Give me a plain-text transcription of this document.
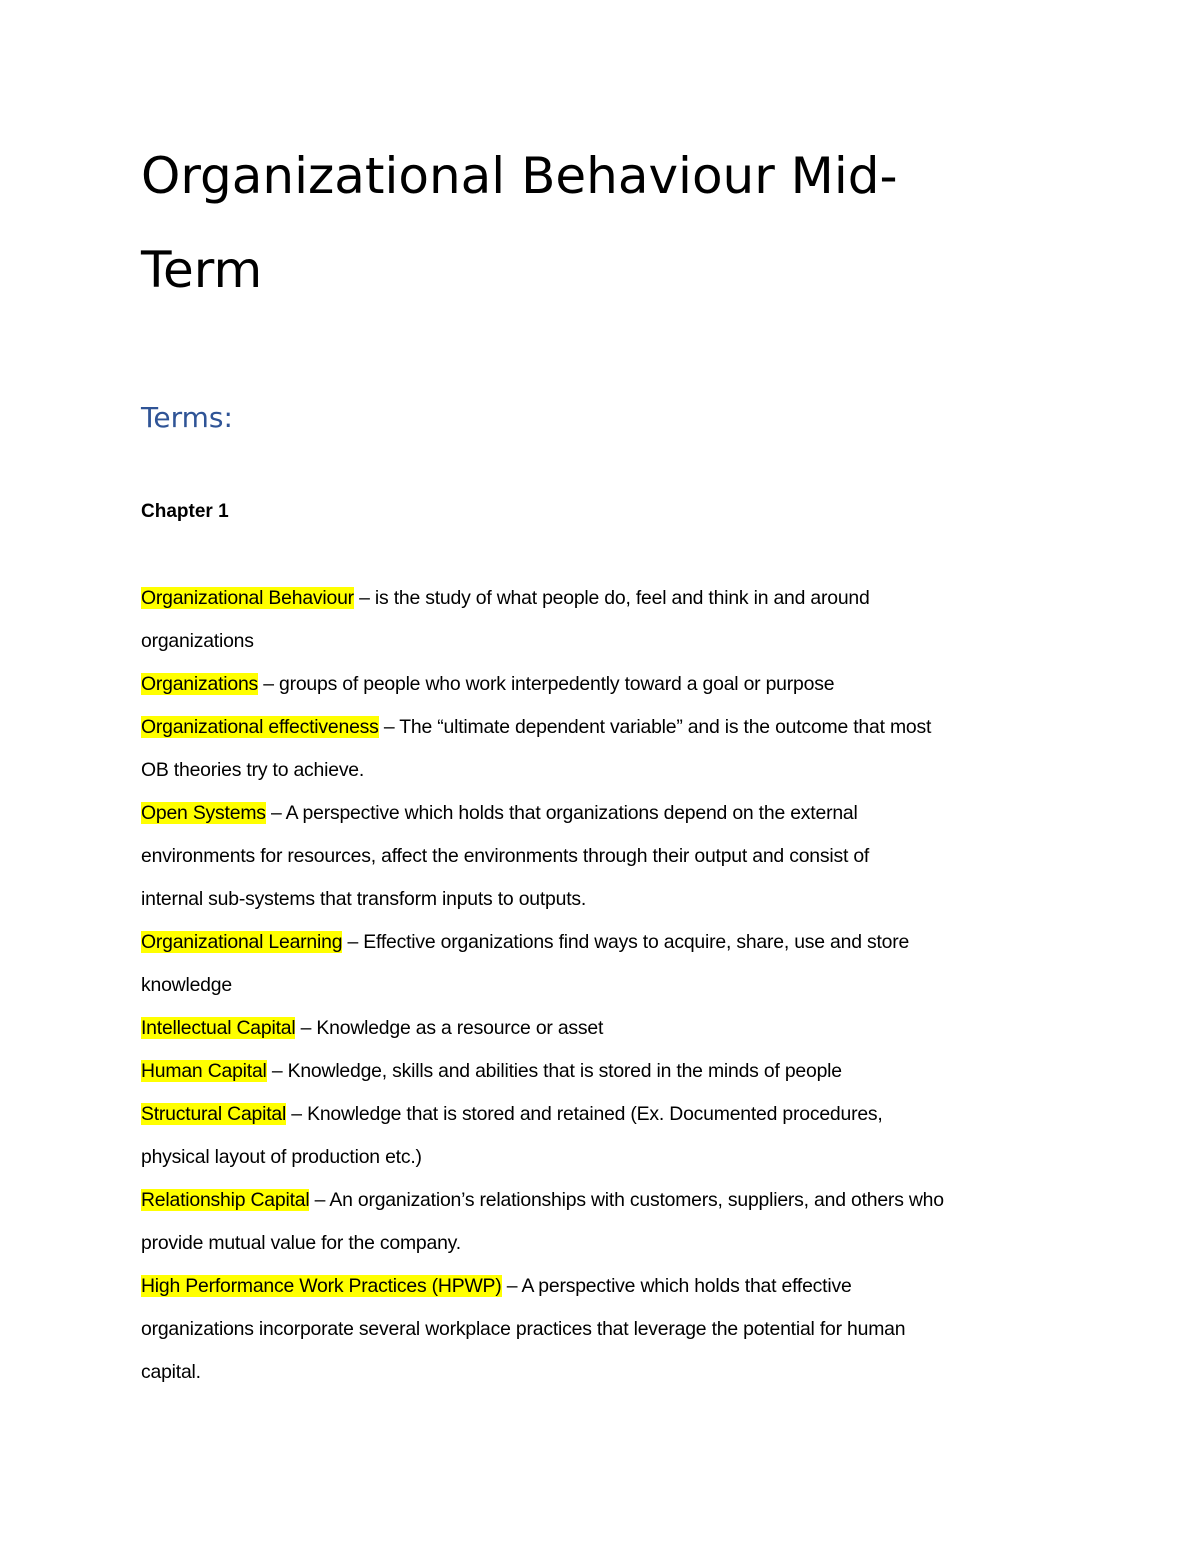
Organizational Behaviour Mid-
Term
Terms:
Chapter 1

Organizational Behaviour – is the study of what people do, feel and think in and around

organizations

Organizations – groups of people who work interpedently toward a goal or purpose

Organizational effectiveness – The “ultimate dependent variable” and is the outcome that most

OB theories try to achieve.

Open Systems – A perspective which holds that organizations depend on the external

environments for resources, affect the environments through their output and consist of

internal sub-systems that transform inputs to outputs.

Organizational Learning – Effective organizations find ways to acquire, share, use and store

knowledge

Intellectual Capital – Knowledge as a resource or asset

Human Capital – Knowledge, skills and abilities that is stored in the minds of people

Structural Capital – Knowledge that is stored and retained (Ex. Documented procedures,

physical layout of production etc.)

Relationship Capital – An organization’s relationships with customers, suppliers, and others who

provide mutual value for the company.

High Performance Work Practices (HPWP) – A perspective which holds that effective

organizations incorporate several workplace practices that leverage the potential for human

capital.
